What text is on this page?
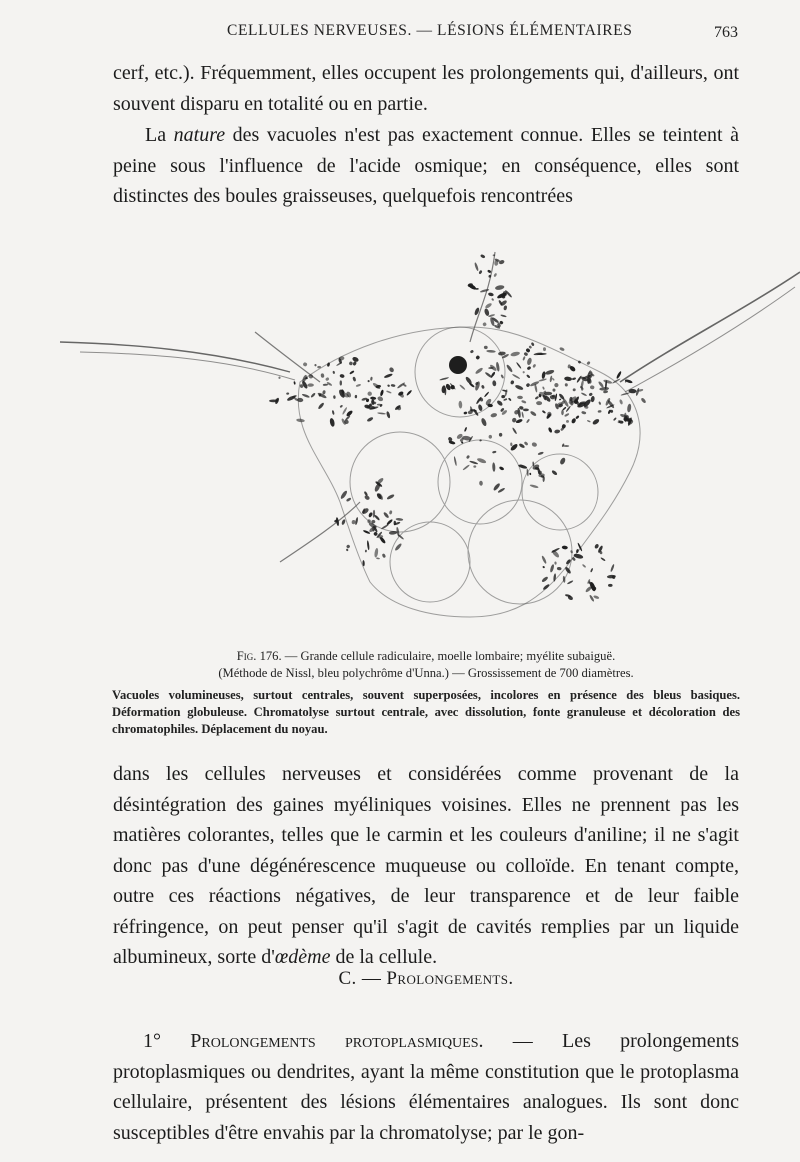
CELLULES NERVEUSES. — LÉSIONS ÉLÉMENTAIRES	763

cerf, etc.). Fréquemment, elles occupent les prolongements qui, d'ailleurs, ont souvent disparu en totalité ou en partie.

La nature des vacuoles n'est pas exactement connue. Elles se teintent à peine sous l'influence de l'acide osmique; en conséquence, elles sont distinctes des boules graisseuses, quelquefois rencontrées

Fig. 176. — Grande cellule radiculaire, moelle lombaire; myélite subaiguë.

(Méthode de Nissl, bleu polychrôme d'Unna.) — Grossissement de 700 diamètres.

Vacuoles volumineuses, surtout centrales, souvent superposées, incolores en présence des bleus basiques. Déformation globuleuse. Chromatolyse surtout centrale, avec dissolution, fonte granuleuse et décoloration des chromatophiles. Déplacement du noyau.

dans les cellules nerveuses et considérées comme provenant de la désintégration des gaines myéliniques voisines. Elles ne prennent pas les matières colorantes, telles que le carmin et les couleurs d'aniline; il ne s'agit donc pas d'une dégénérescence muqueuse ou colloïde. En tenant compte, outre ces réactions négatives, de leur transparence et de leur faible réfringence, on peut penser qu'il s'agit de cavités remplies par un liquide albumineux, sorte d'œdème de la cellule.

C. — Prolongements.

1° Prolongements protoplasmiques. — Les prolongements protoplasmiques ou dendrites, ayant la même constitution que le protoplasma cellulaire, présentent des lésions élémentaires analogues. Ils sont donc susceptibles d'être envahis par la chromatolyse; par le gon-
